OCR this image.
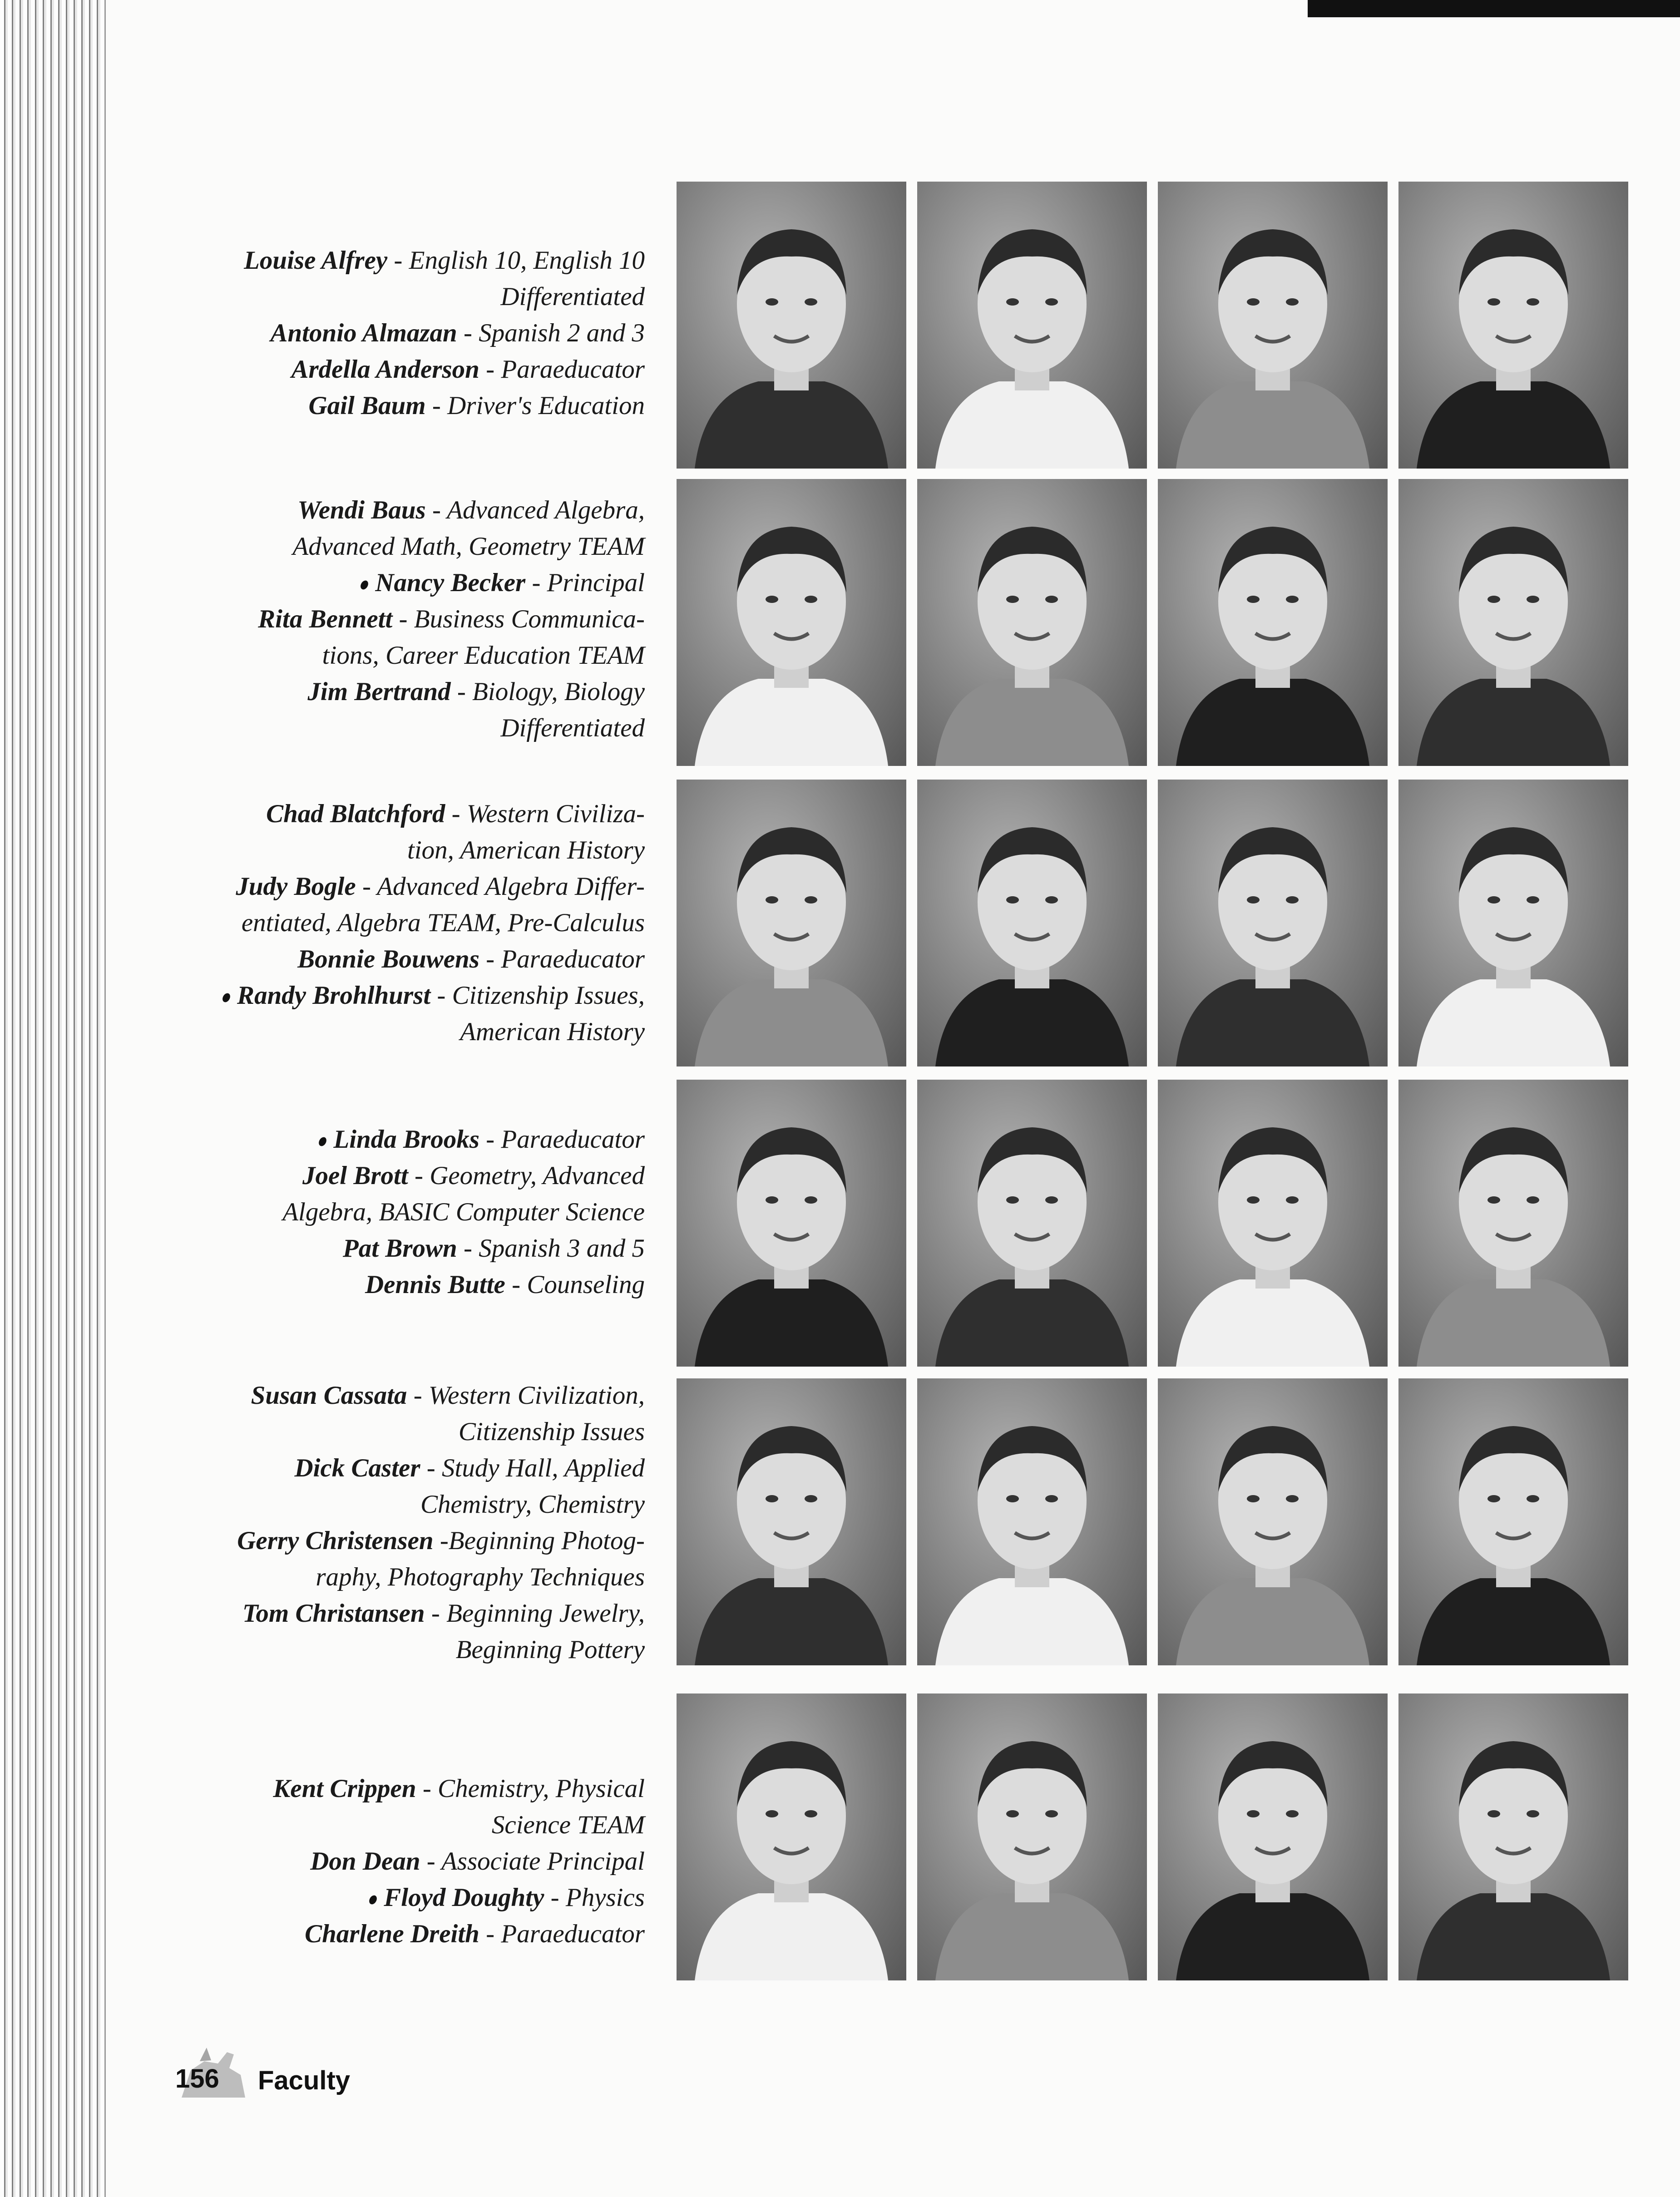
Louise Alfrey - English 10, English 10

Differentiated

Antonio Almazan - Spanish 2 and 3

Ardella Anderson - Paraeducator

Gail Baum - Driver's Education

Wendi Baus - Advanced Algebra,

Advanced Math, Geometry TEAM

Nancy Becker - Principal

Rita Bennett - Business Communica-

tions, Career Education TEAM

Jim Bertrand - Biology, Biology

Differentiated

Chad Blatchford - Western Civiliza-

tion, American History

Judy Bogle - Advanced Algebra Differ-

entiated, Algebra TEAM, Pre-Calculus

Bonnie Bouwens - Paraeducator

Randy Brohlhurst - Citizenship Issues,

American History

Linda Brooks - Paraeducator

Joel Brott - Geometry, Advanced

Algebra, BASIC Computer Science

Pat Brown - Spanish 3 and 5

Dennis Butte - Counseling

Susan Cassata - Western Civilization,

Citizenship Issues

Dick Caster - Study Hall, Applied

Chemistry, Chemistry

Gerry Christensen -Beginning Photog-

raphy, Photography Techniques

Tom Christansen - Beginning Jewelry,

Beginning Pottery

Kent Crippen - Chemistry, Physical

Science TEAM

Don Dean - Associate Principal

Floyd Doughty - Physics

Charlene Dreith - Paraeducator

156 Faculty
